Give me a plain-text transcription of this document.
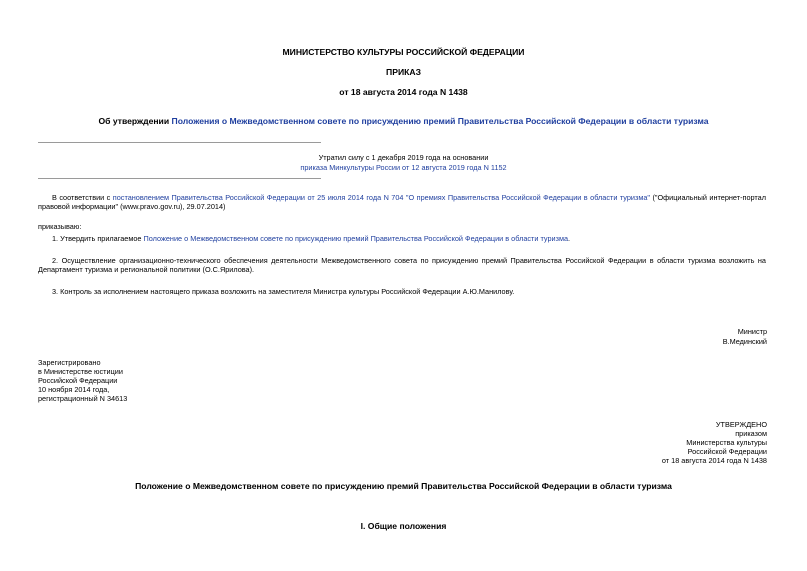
МИНИСТЕРСТВО КУЛЬТУРЫ РОССИЙСКОЙ ФЕДЕРАЦИИ
ПРИКАЗ
от 18 августа 2014 года N 1438
Об утверждении Положения о Межведомственном совете по присуждению премий Правительства Российской Федерации в области туризма
Утратил силу с 1 декабря 2019 года на основании
приказа Минкультуры России от 12 августа 2019 года N 1152
В соответствии с постановлением Правительства Российской Федерации от 25 июля 2014 года N 704 "О премиях Правительства Российской Федерации в области туризма" ("Официальный интернет-портал правовой информации" (www.pravo.gov.ru), 29.07.2014)
приказываю:
1. Утвердить прилагаемое Положение о Межведомственном совете по присуждению премий Правительства Российской Федерации в области туризма.
2. Осуществление организационно-технического обеспечения деятельности Межведомственного совета по присуждению премий Правительства Российской Федерации в области туризма возложить на Департамент туризма и региональной политики (О.С.Ярилова).
3. Контроль за исполнением настоящего приказа возложить на заместителя Министра культуры Российской Федерации А.Ю.Манилову.
Министр
В.Мединский
Зарегистрировано
в Министерстве юстиции
Российской Федерации
10 ноября 2014 года,
регистрационный N 34613
УТВЕРЖДЕНО
приказом
Министерства культуры
Российской Федерации
от 18 августа 2014 года N 1438
Положение о Межведомственном совете по присуждению премий Правительства Российской Федерации в области туризма
I. Общие положения
